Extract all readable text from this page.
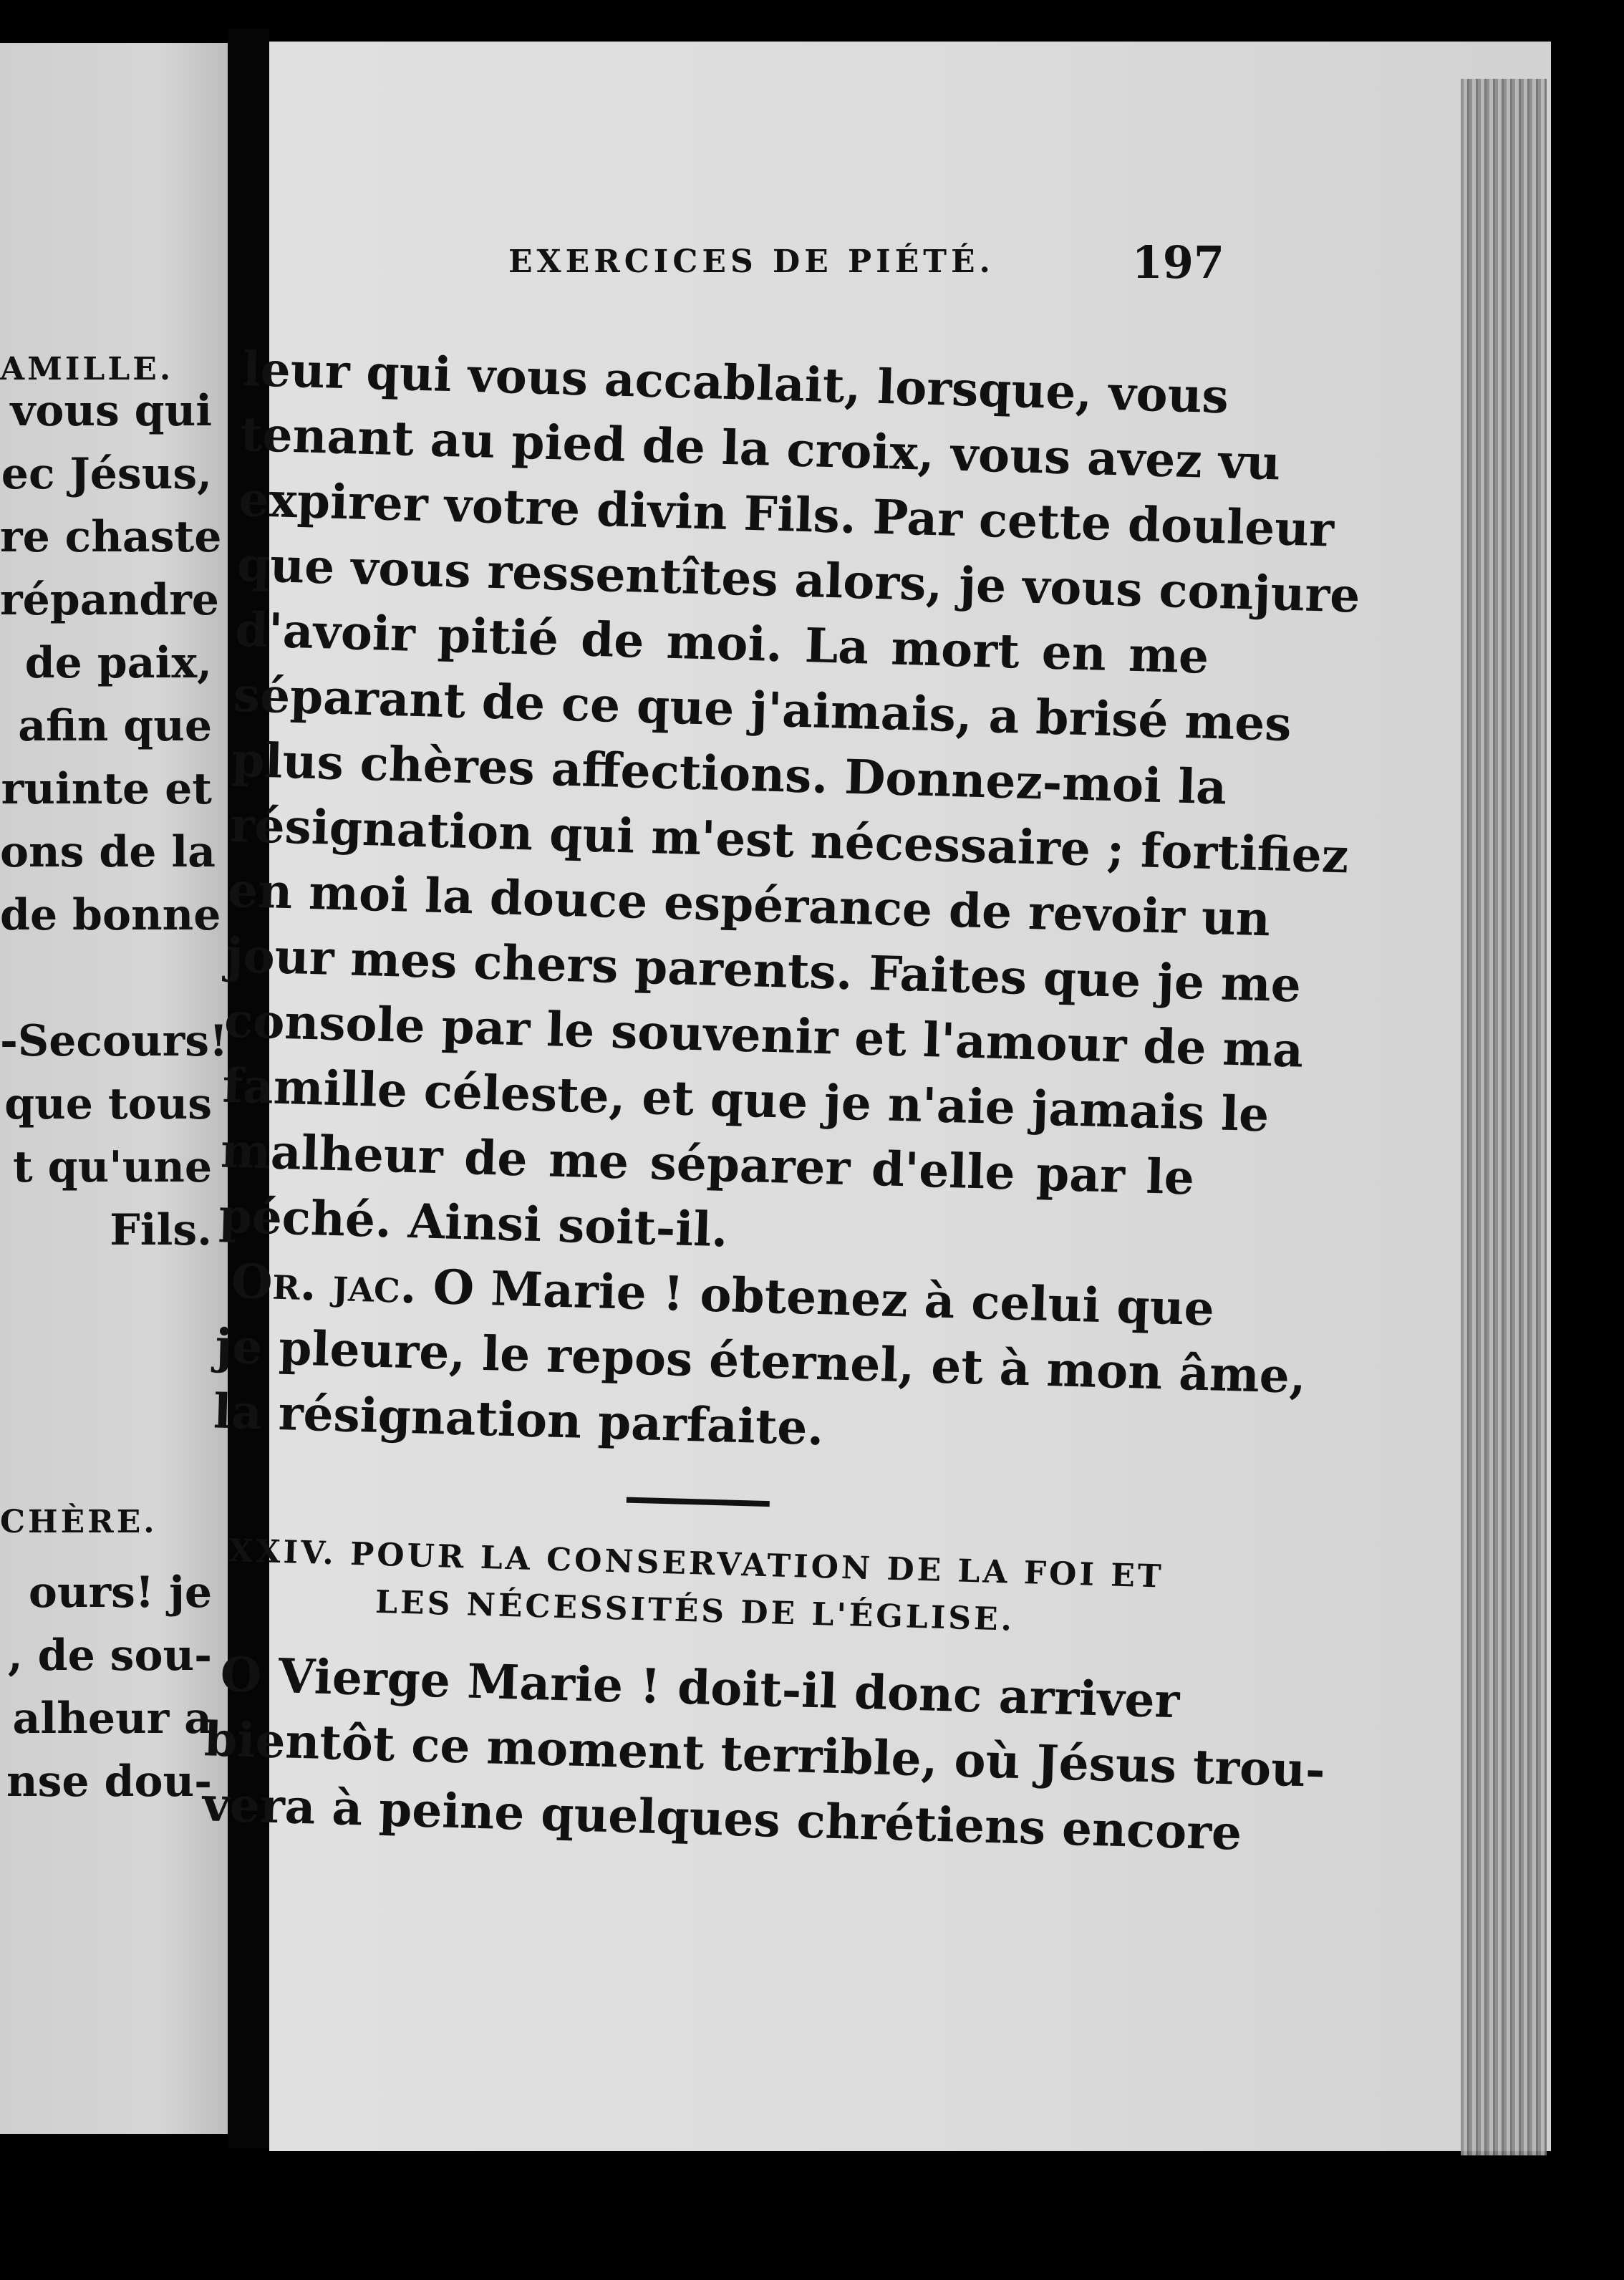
AMILLE.
vous qui
ec Jésus,
re chaste
répandre
de paix,
afin que
ruinte et
ons de la
de bonne
-Secours!
que tous
t qu'une
Fils.
CHÈRE.
ours! je
, de sou-
alheur a
nse dou-
EXERCICES DE PIÉTÉ.	197

leur qui vous accablait, lorsque, vous
tenant au pied de la croix, vous avez vu
expirer votre divin Fils. Par cette douleur
que vous ressentîtes alors, je vous conjure
d'avoir pitié de moi. La mort en me
séparant de ce que j'aimais, a brisé mes
plus chères affections. Donnez-moi la
résignation qui m'est nécessaire ; fortifiez
en moi la douce espérance de revoir un
jour mes chers parents. Faites que je me
console par le souvenir et l'amour de ma
famille céleste, et que je n'aie jamais le
malheur de me séparer d'elle par le
péché. Ainsi soit-il.

Or. jac. O Marie ! obtenez à celui que
je pleure, le repos éternel, et à mon âme,
la résignation parfaite.

XXIV. POUR LA CONSERVATION DE LA FOI ET
LES NÉCESSITÉS DE L'ÉGLISE.

O Vierge Marie ! doit-il donc arriver
bientôt ce moment terrible, où Jésus trou-
vera à peine quelques chrétiens encore
